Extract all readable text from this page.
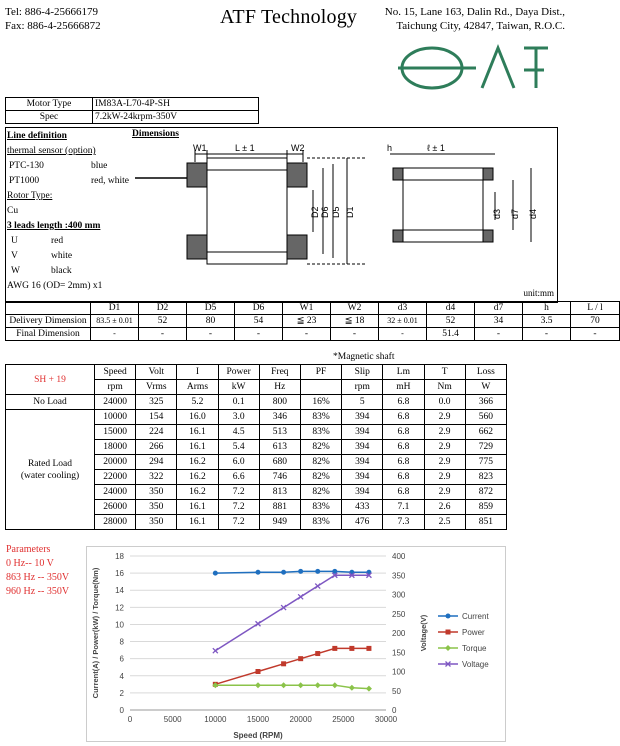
Tel: 886-4-25666179
Fax: 886-4-25666872	ATF Technology	No. 15, Lane 163, Dalin Rd., Daya Dist.,
Taichung City, 42847, Taiwan, R.O.C.
Motor Type	IM83A-L70-4P-SH
Spec	7.2kW-24krpm-350V
Line definition
thermal sensor (option)
PTC-130	blue
PT1000	red, white
Rotor Type:
Cu
3 leads length :400 mm
U	red
V	white
W	black
AWG 16 (OD= 2mm) x1
Dimensions
unit:mm
W1	L ± 1	W2
D2 D6 D5 D1
h	ℓ ± 1
d3 d7 d4
	D1	D2	D5	D6	W1	W2	d3	d4	d7	h	L / l
Delivery Dimension	83.5 ± 0.01	52	80	54	≦ 23	≦ 18	32 ± 0.01	52	34	3.5	70
Final Dimension	-	-	-	-	-	-	-	51.4	-	-	-
*Magnetic shaft
SH + 19	Speed	Volt	I	Power	Freq	PF	Slip	Lm	T	Loss
	rpm	Vrms	Arms	kW	Hz		rpm	mH	Nm	W
No Load	24000	325	5.2	0.1	800	16%	5	6.8	0.0	366

Rated Load
(water cooling)	10000	154	16.0	3.0	346	83%	394	6.8	2.9	560
	15000	224	16.1	4.5	513	83%	394	6.8	2.9	662
	18000	266	16.1	5.4	613	82%	394	6.8	2.9	729
	20000	294	16.2	6.0	680	82%	394	6.8	2.9	775
	22000	322	16.2	6.6	746	82%	394	6.8	2.9	823
	24000	350	16.2	7.2	813	82%	394	6.8	2.9	872
	26000	350	16.1	7.2	881	83%	433	7.1	2.6	859
	28000	350	16.1	7.2	949	83%	476	7.3	2.5	851
Parameters
0 Hz-- 10 V
863 Hz -- 350V
960 Hz -- 350V
0
2
4
6
8
10
12
14
16
18
0
50
100
150
200
250
300
350
400
0	5000	10000	15000	20000	25000	30000
Speed (RPM)
Current(A) / Power(kW) / Torque(Nm)	Voltage(V)	Current
Power
Torque
Voltage
